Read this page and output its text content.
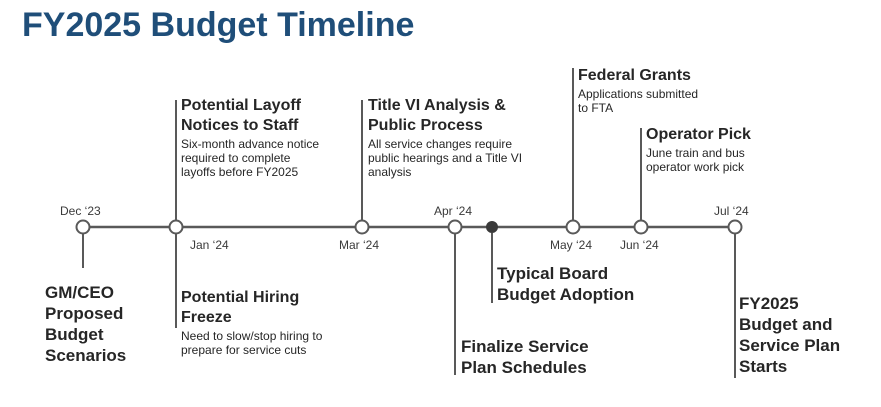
FY2025 Budget Timeline
Dec ‘23
Jan ‘24	Mar ‘24
Apr ‘24
May ‘24 Jun ‘24
Jul ‘24
Potential Layoff
Notices to Staff
Six-month advance notice
required to complete
layoffs before FY2025
Title VI Analysis &
Public Process
All service changes require
public hearings and a Title VI
analysis
Federal Grants
Applications submitted
to FTA
Operator Pick
June train and bus
operator work pick
GM/CEO
Proposed
Budget
Scenarios
Potential Hiring
Freeze
Need to slow/stop hiring to
prepare for service cuts	Finalize Service
Plan Schedules
Typical Board
Budget Adoption	FY2025
Budget and
Service Plan
Starts
